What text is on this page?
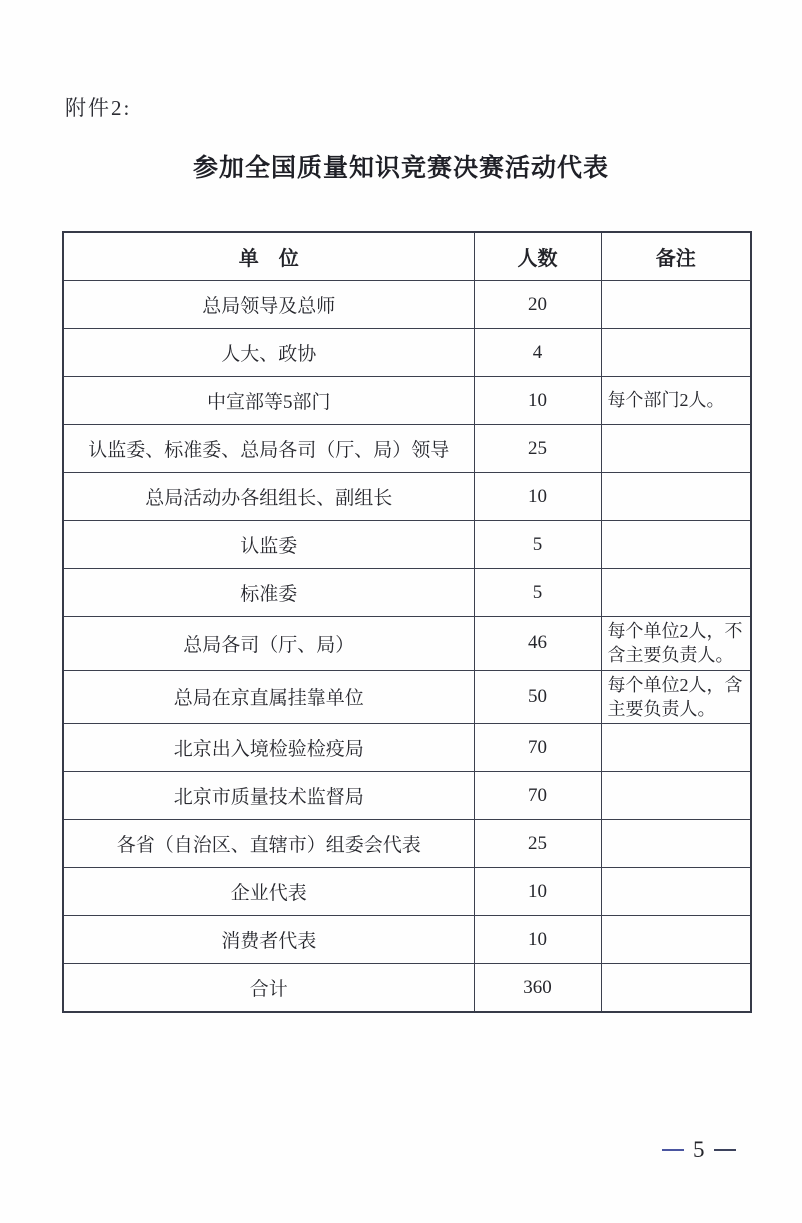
附件2:
参加全国质量知识竞赛决赛活动代表
单　位	人数	备注
总局领导及总师	20	
人大、政协	4	
中宣部等5部门	10	每个部门2人。
认监委、标准委、总局各司（厅、局）领导	25	
总局活动办各组组长、副组长	10	
认监委	5	
标准委	5	
总局各司（厅、局）	46	每个单位2人，不含主要负责人。
总局在京直属挂靠单位	50	每个单位2人，含主要负责人。
北京出入境检验检疫局	70	
北京市质量技术监督局	70	
各省（自治区、直辖市）组委会代表	25	
企业代表	10	
消费者代表	10	
合计	360	
5
